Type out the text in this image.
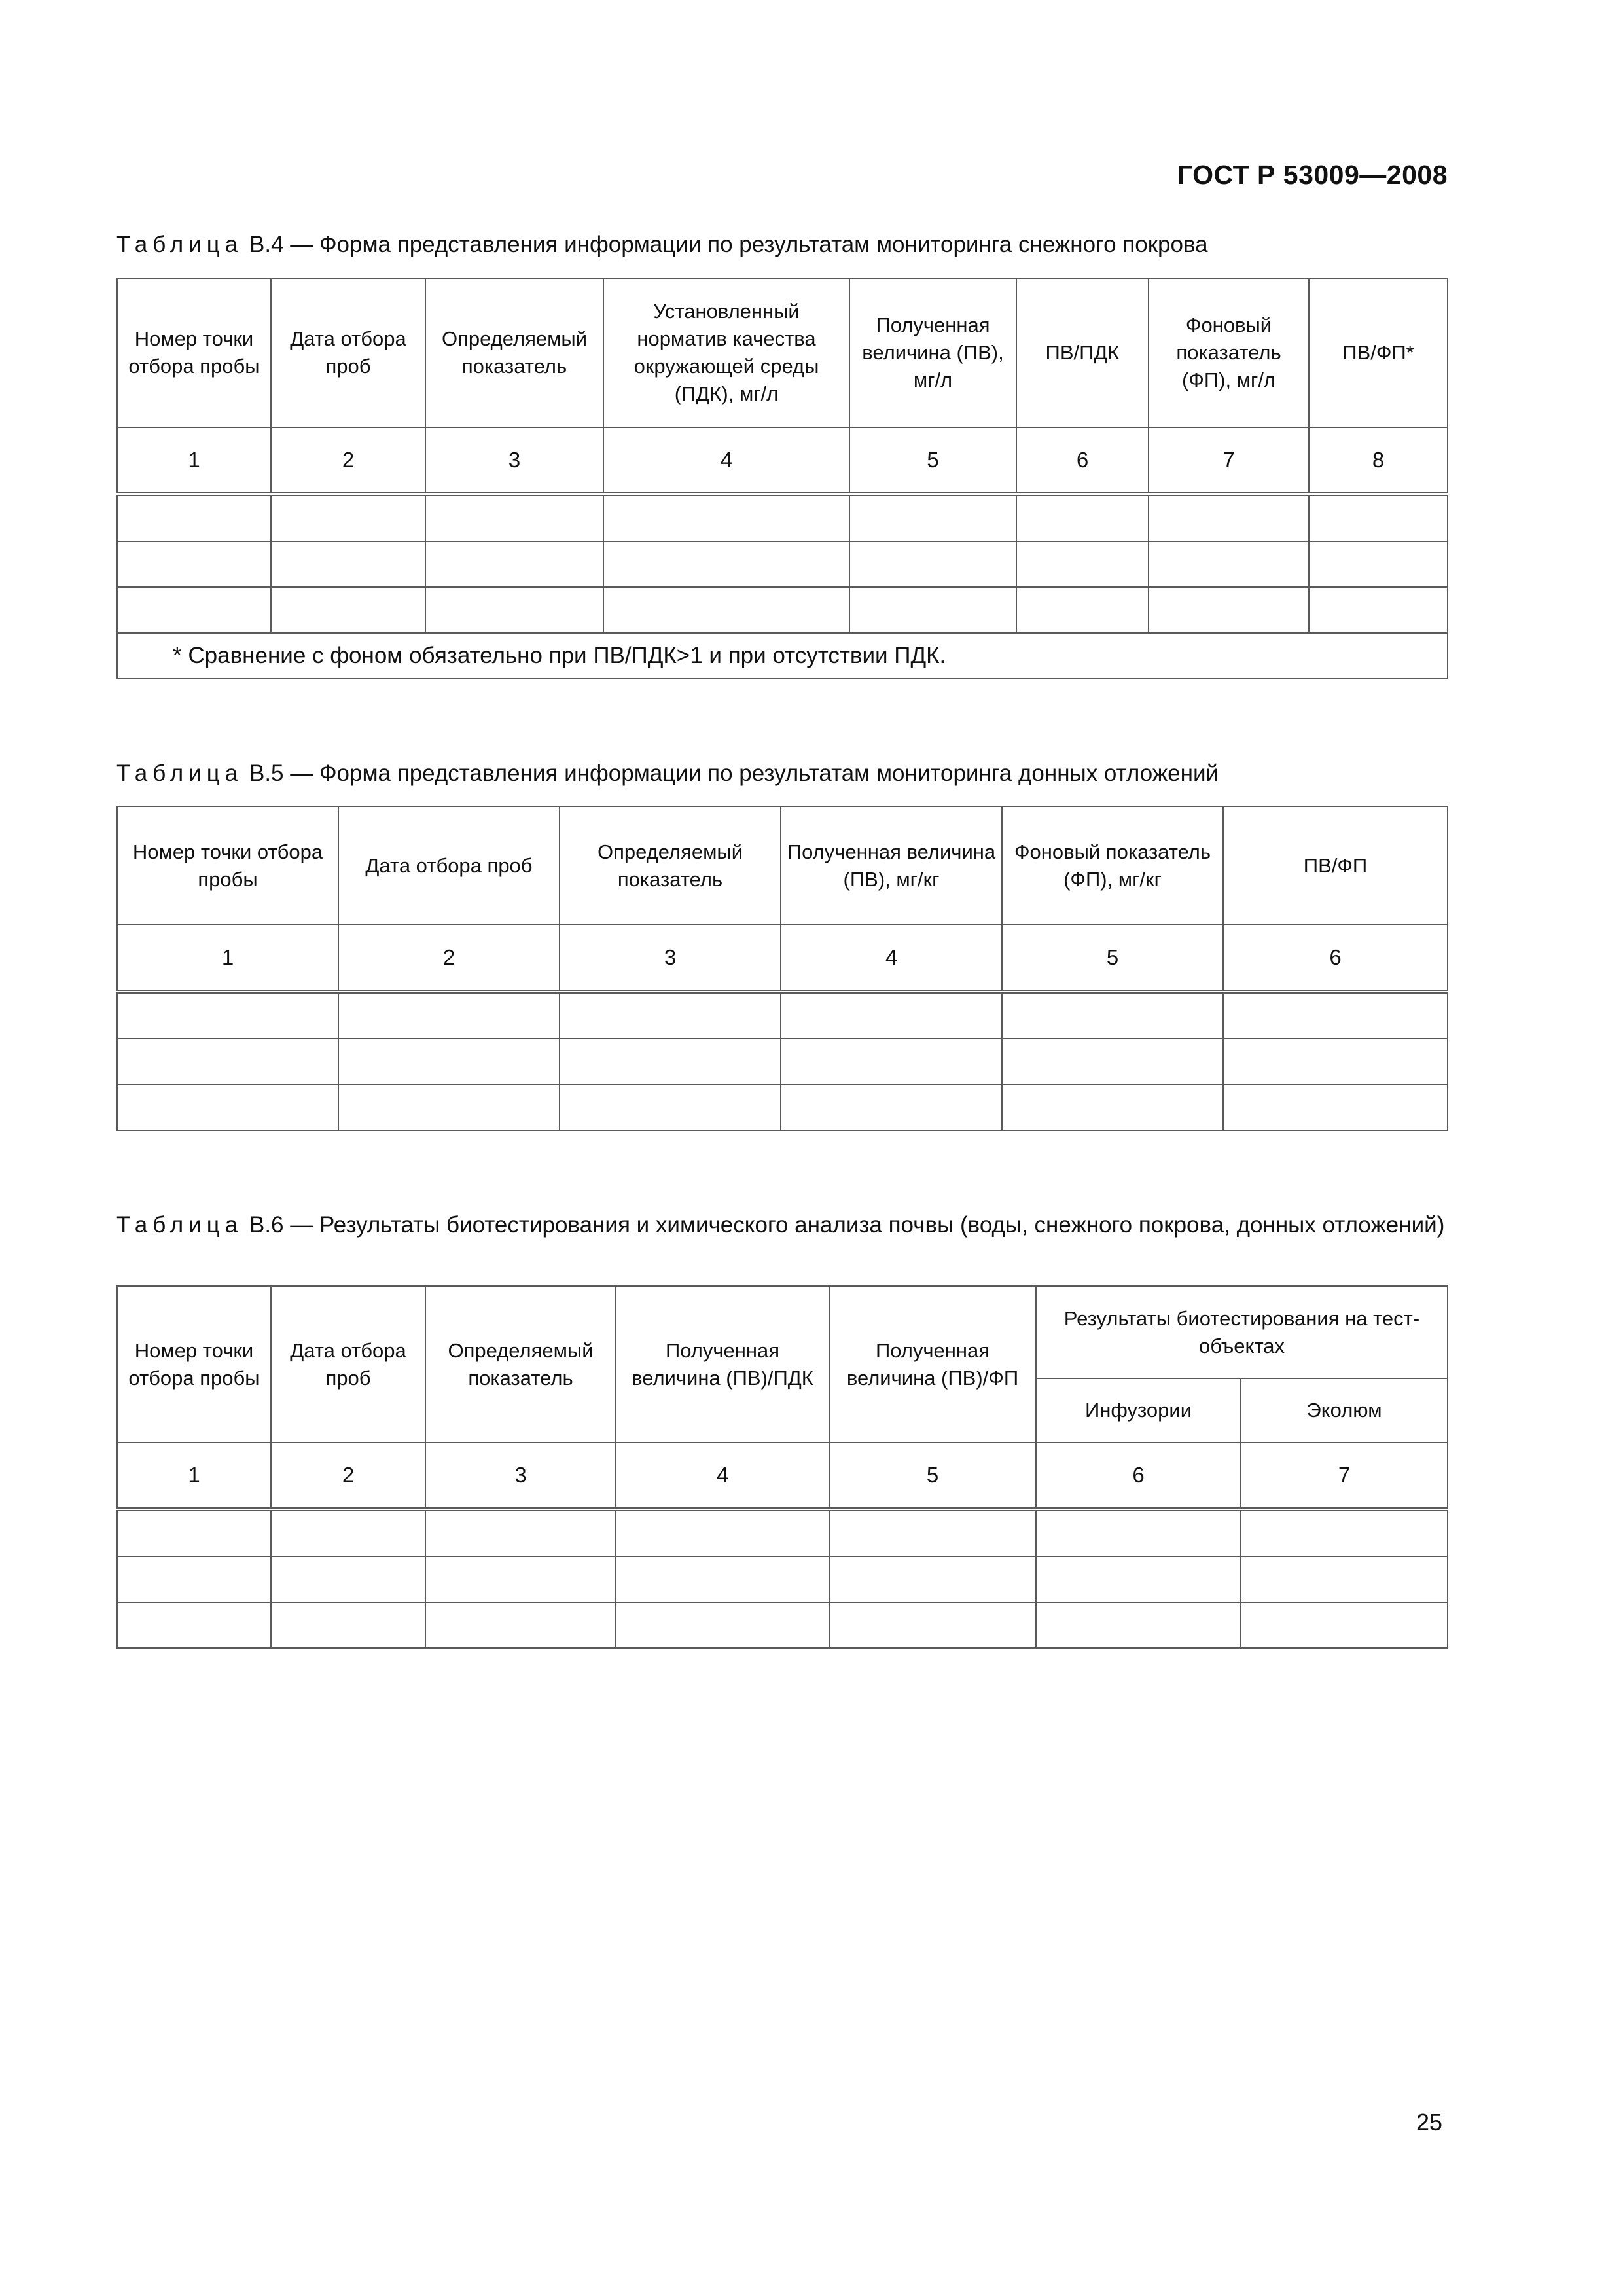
ГОСТ Р 53009—2008
Таблица В.4 — Форма представления информации по результатам мониторинга снежного покрова
Номер точки отбора пробы	Дата отбора проб	Определяемый показатель	Установленный норматив качества окружающей среды (ПДК), мг/л	Полученная величина (ПВ), мг/л	ПВ/ПДК	Фоновый показатель (ФП), мг/л	ПВ/ФП*
1	2	3	4	5	6	7	8

* Сравнение с фоном обязательно при ПВ/ПДК>1 и при отсутствии ПДК.							
Таблица В.5 — Форма представления информации по результатам мониторинга донных отложений
Номер точки отбора пробы	Дата отбора проб	Определяемый показатель	Полученная величина (ПВ), мг/кг	Фоновый показатель (ФП), мг/кг	ПВ/ФП
1	2	3	4	5	6

Таблица В.6 — Результаты биотестирования и химического анализа почвы (воды, снежного покрова, донных отложений)
Номер точки отбора пробы	Дата отбора проб	Определяемый показатель	Полученная величина (ПВ)/ПДК	Полученная величина (ПВ)/ФП	Результаты биотестирования на тест-объектах	
					Инфузории	Эколюм
1	2	3	4	5	6	7

25
